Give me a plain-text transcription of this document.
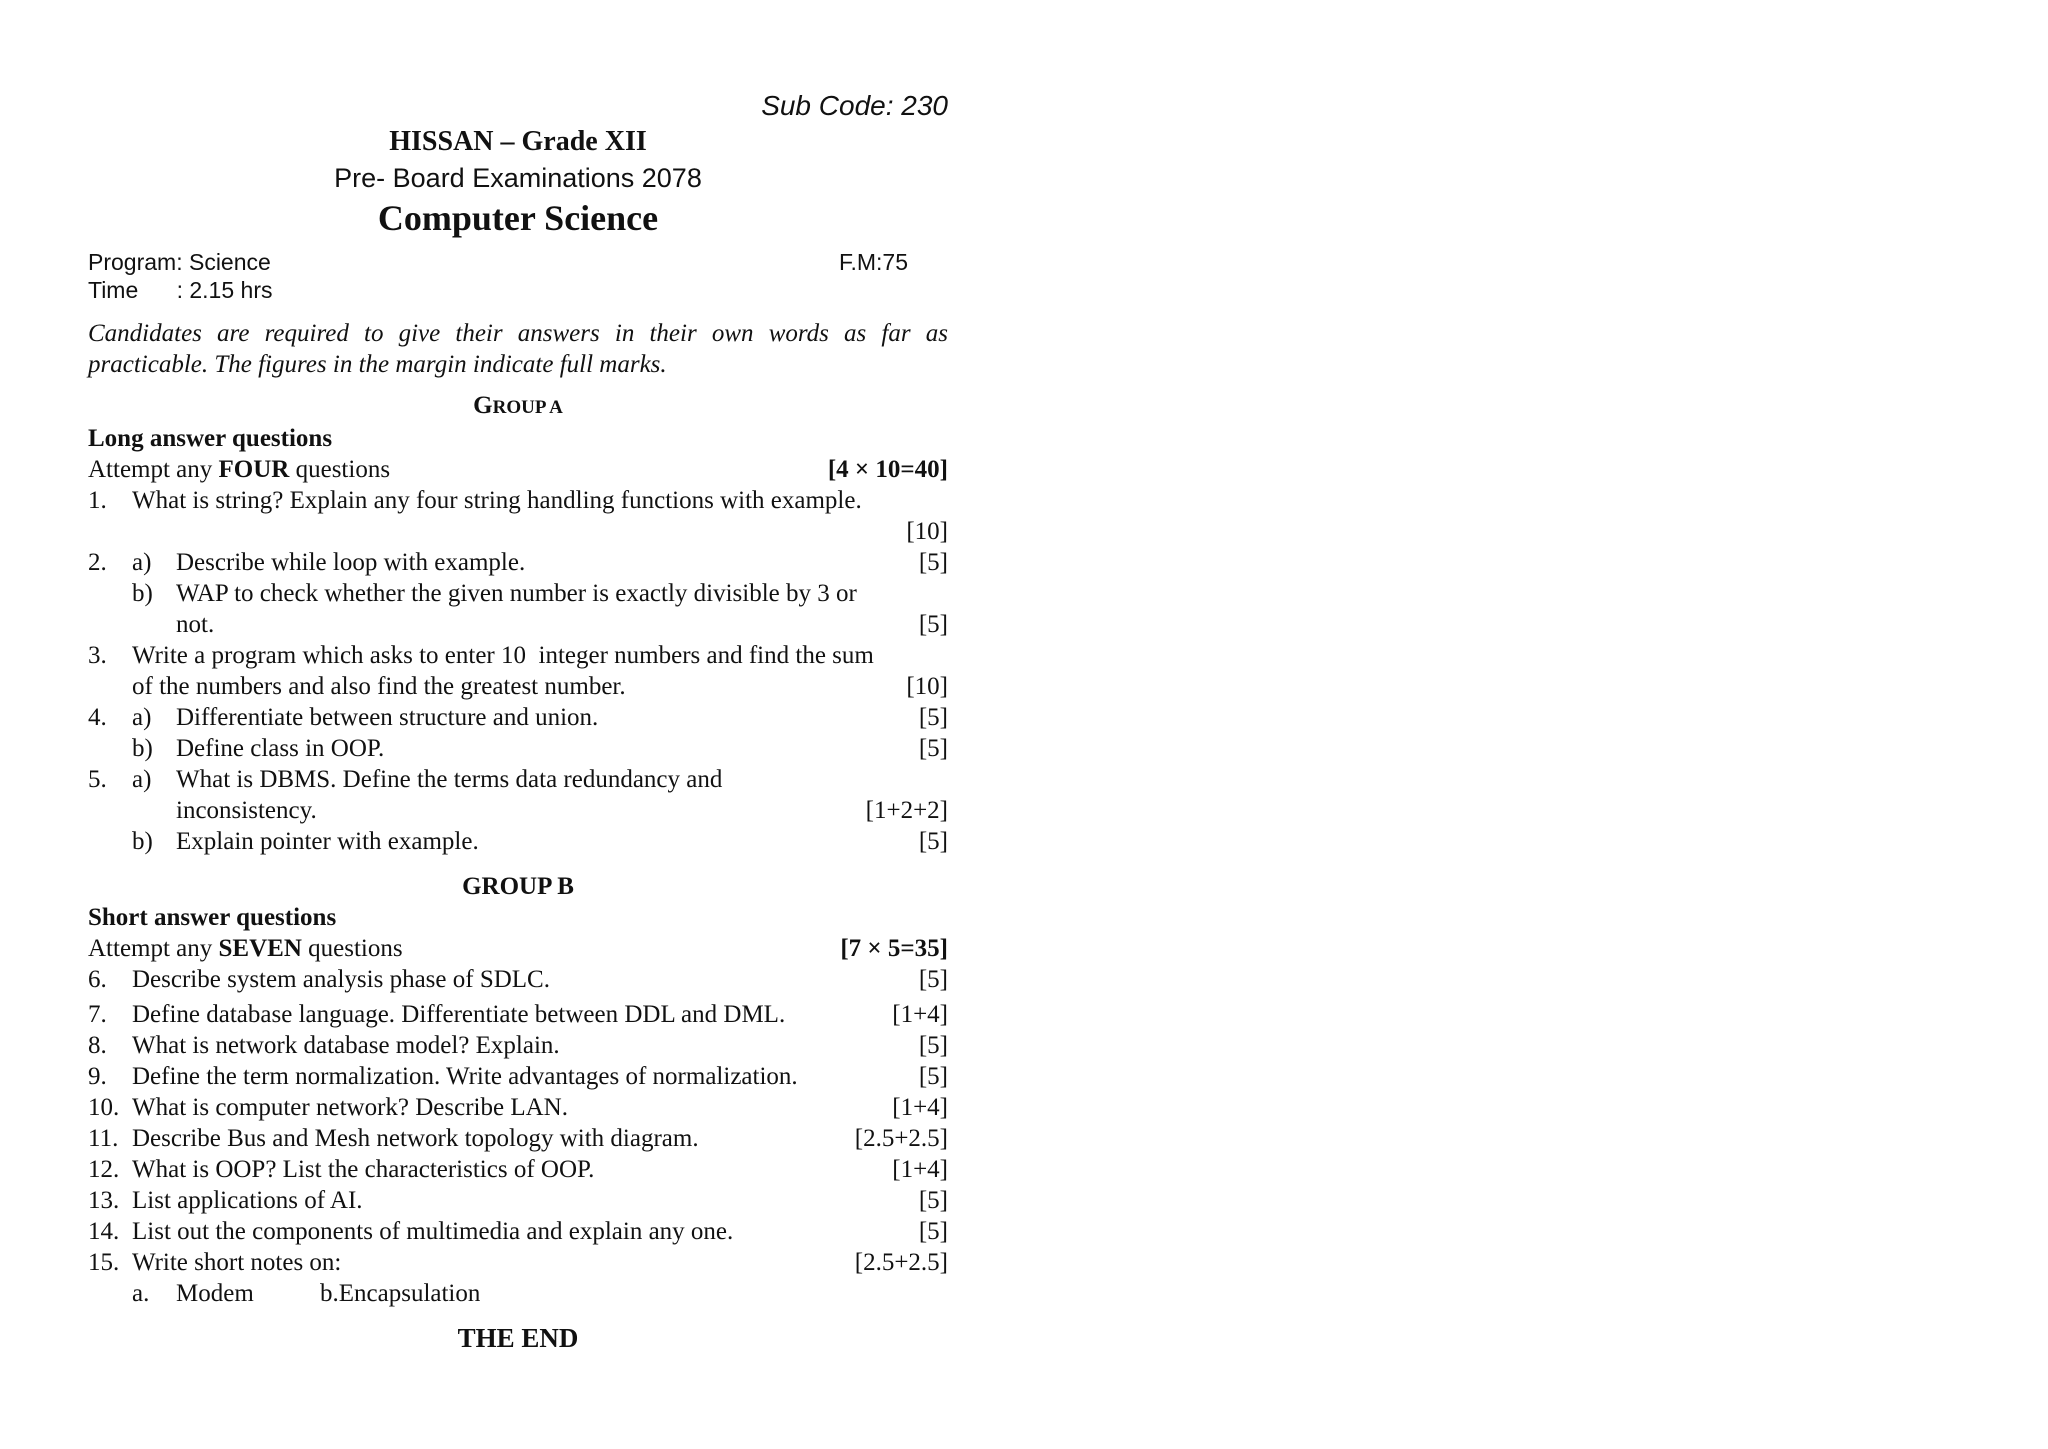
Sub Code: 230
HISSAN – Grade XII
Pre- Board Examinations 2078
Computer Science
Program: Science
Time      : 2.15 hrs
F.M:75
Candidates are required to give their answers in their own words as far as practicable. The figures in the margin indicate full marks.
GROUP A
Long answer questions
Attempt any FOUR questions	[4 × 10=40]
1.	What is string? Explain any four string handling functions with example.
[10]
2.	a) Describe while loop with example.	[5]
b) WAP to check whether the given number is exactly divisible by 3 or
not.	[5]
3.	Write a program which asks to enter 10  integer numbers and find the sum
of the numbers and also find the greatest number.	[10]
4.	a) Differentiate between structure and union.	[5]
b) Define class in OOP.	[5]
5.	a) What is DBMS. Define the terms data redundancy and
inconsistency.	[1+2+2]
b) Explain pointer with example.	[5]
GROUP B
Short answer questions
Attempt any SEVEN questions	[7 × 5=35]
6.	Describe system analysis phase of SDLC.	[5]
7.	Define database language. Differentiate between DDL and DML.	[1+4]
8.	What is network database model? Explain.	[5]
9.	Define the term normalization. Write advantages of normalization.	[5]
10. What is computer network? Describe LAN.	[1+4]
11. Describe Bus and Mesh network topology with diagram.	[2.5+2.5]
12. What is OOP? List the characteristics of OOP.	[1+4]
13. List applications of AI.	[5]
14. List out the components of multimedia and explain any one.	[5]
15. Write short notes on:	[2.5+2.5]
a.	Modem	b.Encapsulation
THE END
